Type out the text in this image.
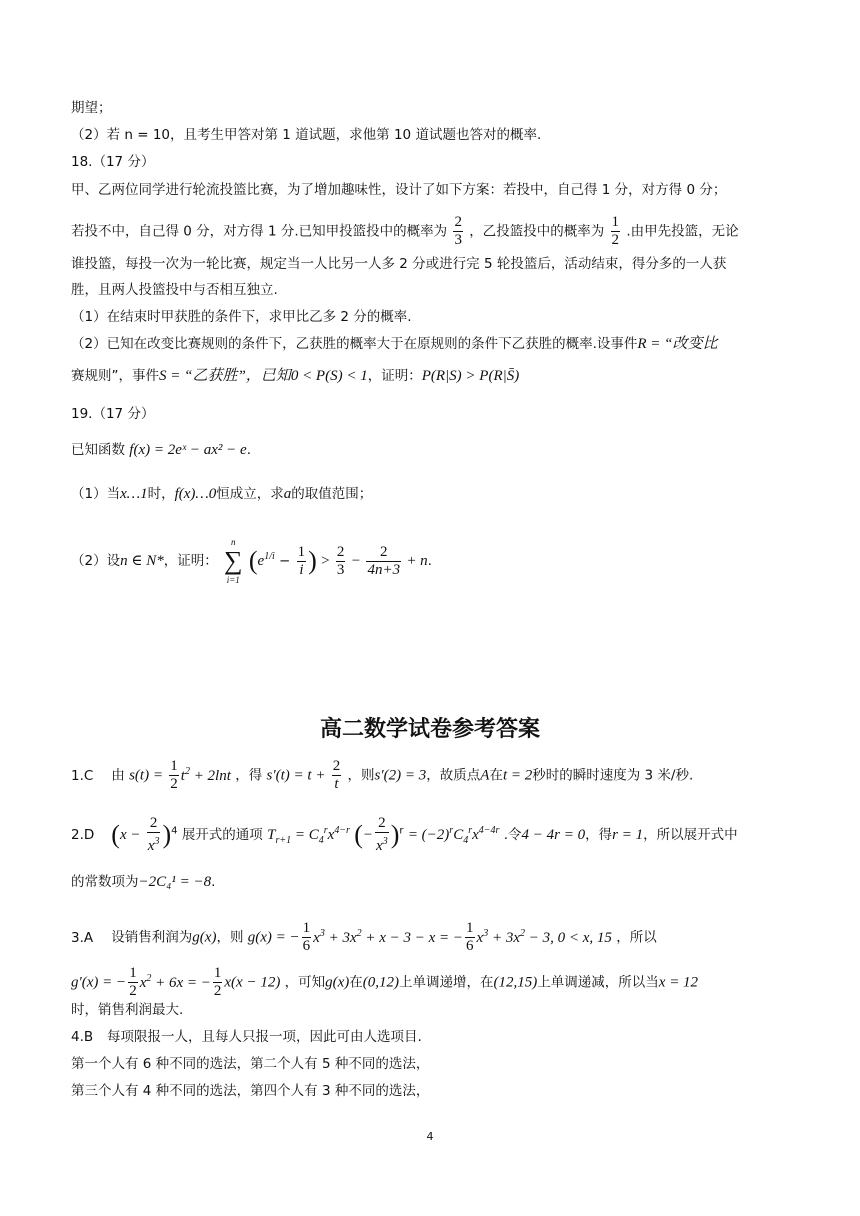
期望；
（2）若 n = 10，且考生甲答对第 1 道试题，求他第 10 道试题也答对的概率.
18.（17 分）
甲、乙两位同学进行轮流投篮比赛，为了增加趣味性，设计了如下方案：若投中，自己得 1 分，对方得 0 分；
若投不中，自己得 0 分，对方得 1 分.已知甲投篮投中的概率为 $\frac{2}{3}$ ，乙投篮投中的概率为 $\frac{1}{2}$ .由甲先投篮，无论
谁投篮，每投一次为一轮比赛，规定当一人比另一人多 2 分或进行完 5 轮投篮后，活动结束，得分多的一人获
胜，且两人投篮投中与否相互独立.
（1）在结束时甲获胜的条件下，求甲比乙多 2 分的概率.
（2）已知在改变比赛规则的条件下，乙获胜的概率大于在原规则的条件下乙获胜的概率.设事件R = “改变比
赛规则”，事件S = “乙获胜”，已知0 < P(S) < 1，证明：P(R|S) > P(R|S̄)
19.（17 分）
已知函数 f(x) = 2eˣ − ax² − e.
（1）当x…1时，f(x)…0恒成立，求a的取值范围；
（2）设n ∈ N*，证明：
n
∑
i=1
($e^{1/i} - \frac{1}{i}$ ) > $\frac{2}{3} - \frac{2}{4n+3} + n$.
高二数学试卷参考答案
1.C 由 $s(t) = \frac{1}{2} t^2 + 2\ln t$ ，得 $s'(t) = t + \frac{2}{t}$ ，则s′(2) = 3，故质点A在t = 2秒时的瞬时速度为 3 米/秒.
2.D $(x - \frac{2}{x^3} )^4$ 展开式的通项 $T_{r+1} = C_4^rx^{4-r}$ (− $\frac{2}{x^3} )^r = (-2)^rC_4^rx^{4-4r}$ .令4 − 4r = 0，得r = 1，所以展开式中
的常数项为−2C₄¹ = −8.
3.A 设销售利润为g(x)，则 g(x) = − $\frac{1}{6} x^3 + 3x^2 + x - 3 - x$ = − $\frac{1}{6} x^3 + 3x^2 - 3$, 0 < x, 15 ，所以
g′(x) = − $\frac{1}{2} x^2 + 6x$ = − $\frac{1}{2} x(x - 12)$ ，可知g(x)在(0,12)上单调递增，在(12,15)上单调递减，所以当x = 12
时，销售利润最大.
4.B 每项限报一人，且每人只报一项，因此可由人选项目.
第一个人有 6 种不同的选法，第二个人有 5 种不同的选法，
第三个人有 4 种不同的选法，第四个人有 3 种不同的选法，
4
